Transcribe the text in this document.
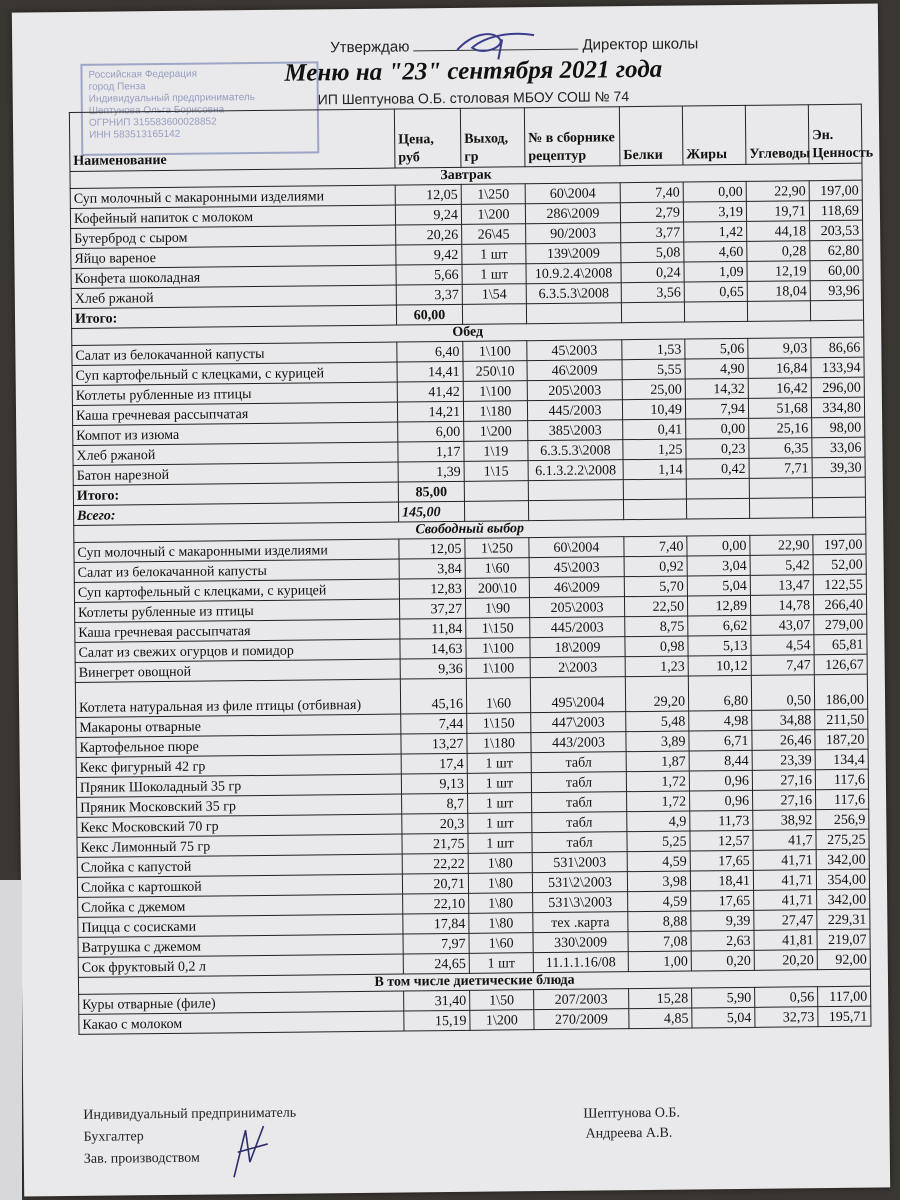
Утверждаю	Директор школы
Меню на "23" сентября 2021 года
ИП Шептунова О.Б. столовая МБОУ СОШ № 74
Российская Федерация
город Пенза
Индивидуальный предприниматель
Шептунова Ольга Борисовна
ОГРНИП 315583600028852
ИНН 583513165142
Наименование	Цена, руб	Выход, гр	№ в сборнике рецептур	Белки	Жиры	Углеводы	Эн. Ценность
Завтрак							
Суп молочный с макаронными изделиями	12,05	1\250	60\2004	7,40	0,00	22,90	197,00
Кофейный напиток с молоком	9,24	1\200	286\2009	2,79	3,19	19,71	118,69
Бутерброд с сыром	20,26	26\45	90/2003	3,77	1,42	44,18	203,53
Яйцо вареное	9,42	1 шт	139\2009	5,08	4,60	0,28	62,80
Конфета шоколадная	5,66	1 шт	10.9.2.4\2008	0,24	1,09	12,19	60,00
Хлеб ржаной	3,37	1\54	6.3.5.3\2008	3,56	0,65	18,04	93,96
Итого:	60,00						
Обед							
Салат из белокачанной капусты	6,40	1\100	45\2003	1,53	5,06	9,03	86,66
Суп картофельный с клецками, с курицей	14,41	250\10	46\2009	5,55	4,90	16,84	133,94
Котлеты рубленные из птицы	41,42	1\100	205\2003	25,00	14,32	16,42	296,00
Каша гречневая рассыпчатая	14,21	1\180	445/2003	10,49	7,94	51,68	334,80
Компот из изюма	6,00	1\200	385\2003	0,41	0,00	25,16	98,00
Хлеб ржаной	1,17	1\19	6.3.5.3\2008	1,25	0,23	6,35	33,06
Батон нарезной	1,39	1\15	6.1.3.2.2\2008	1,14	0,42	7,71	39,30
Итого:	85,00						
Всего:	145,00						
Свободный выбор							
Суп молочный с макаронными изделиями	12,05	1\250	60\2004	7,40	0,00	22,90	197,00
Салат из белокачанной капусты	3,84	1\60	45\2003	0,92	3,04	5,42	52,00
Суп картофельный с клецками, с курицей	12,83	200\10	46\2009	5,70	5,04	13,47	122,55
Котлеты рубленные из птицы	37,27	1\90	205\2003	22,50	12,89	14,78	266,40
Каша гречневая рассыпчатая	11,84	1\150	445/2003	8,75	6,62	43,07	279,00
Салат из свежих огурцов и помидор	14,63	1\100	18\2009	0,98	5,13	4,54	65,81
Винегрет овощной	9,36	1\100	2\2003	1,23	10,12	7,47	126,67
Котлета натуральная из филе птицы (отбивная)	45,16	1\60	495\2004	29,20	6,80	0,50	186,00
Макароны отварные	7,44	1\150	447\2003	5,48	4,98	34,88	211,50
Картофельное пюре	13,27	1\180	443/2003	3,89	6,71	26,46	187,20
Кекс фигурный 42 гр	17,4	1 шт	табл	1,87	8,44	23,39	134,4
Пряник Шоколадный 35 гр	9,13	1 шт	табл	1,72	0,96	27,16	117,6
Пряник Московский 35 гр	8,7	1 шт	табл	1,72	0,96	27,16	117,6
Кекс Московский 70 гр	20,3	1 шт	табл	4,9	11,73	38,92	256,9
Кекс Лимонный 75 гр	21,75	1 шт	табл	5,25	12,57	41,7	275,25
Слойка с капустой	22,22	1\80	531\2003	4,59	17,65	41,71	342,00
Слойка с картошкой	20,71	1\80	531\2\2003	3,98	18,41	41,71	354,00
Слойка с джемом	22,10	1\80	531\3\2003	4,59	17,65	41,71	342,00
Пицца с сосисками	17,84	1\80	тех .карта	8,88	9,39	27,47	229,31
Ватрушка с джемом	7,97	1\60	330\2009	7,08	2,63	41,81	219,07
Сок фруктовый 0,2 л	24,65	1 шт	11.1.1.16/08	1,00	0,20	20,20	92,00
В том числе диетические блюда							
Куры отварные (филе)	31,40	1\50	207/2003	15,28	5,90	0,56	117,00
Какао с молоком	15,19	1\200	270/2009	4,85	5,04	32,73	195,71
Индивидуальный предприниматель
Бухгалтер
Зав. производством
Шептунова О.Б.
Андреева А.В.
